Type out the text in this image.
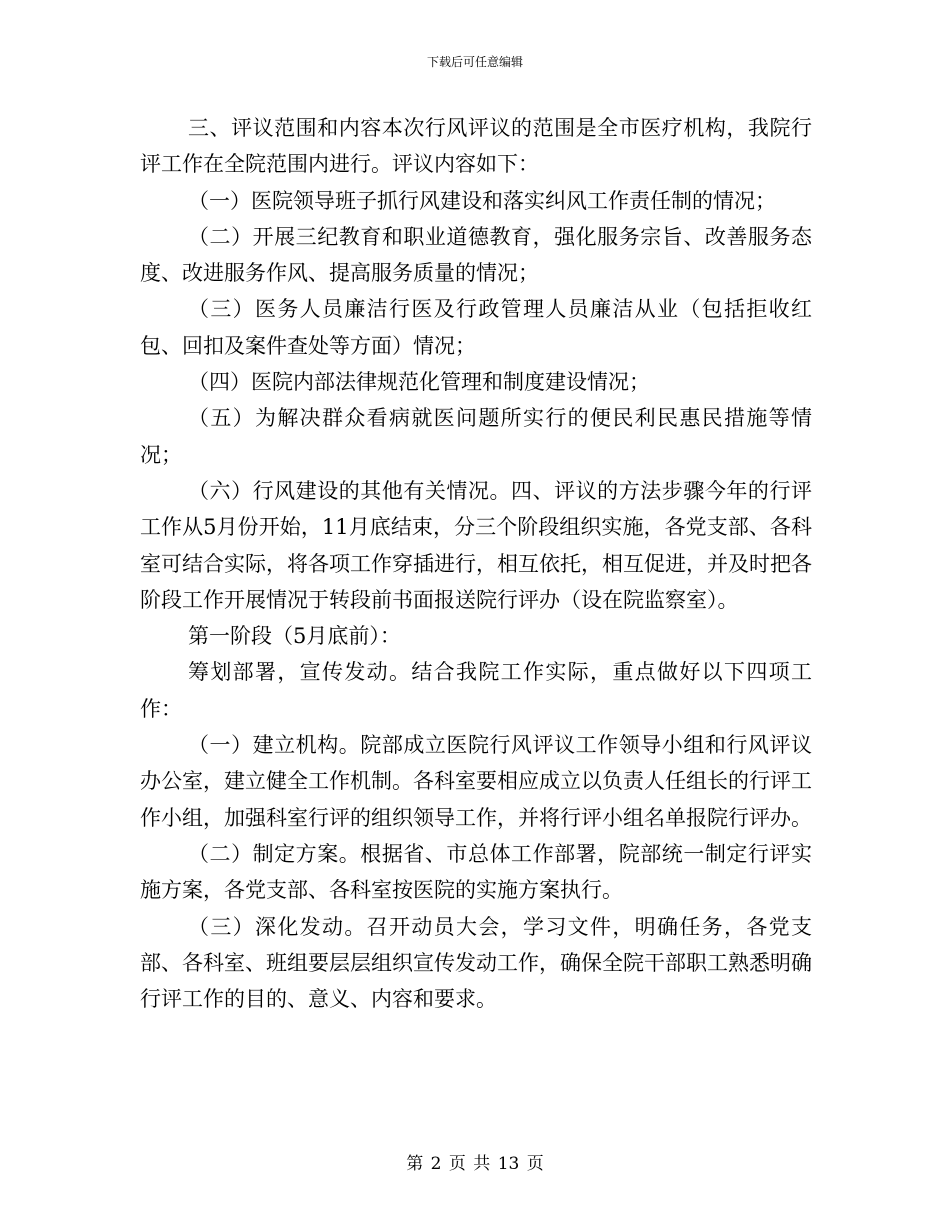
下载后可任意编辑

三、评议范围和内容本次行风评议的范围是全市医疗机构，我院行评工作在全院范围内进行。评议内容如下：

（一）医院领导班子抓行风建设和落实纠风工作责任制的情况；

（二）开展三纪教育和职业道德教育，强化服务宗旨、改善服务态度、改进服务作风、提高服务质量的情况；

（三）医务人员廉洁行医及行政管理人员廉洁从业（包括拒收红包、回扣及案件查处等方面）情况；

（四）医院内部法律规范化管理和制度建设情况；

（五）为解决群众看病就医问题所实行的便民利民惠民措施等情况；

（六）行风建设的其他有关情况。四、评议的方法步骤今年的行评工作从5月份开始，11月底结束，分三个阶段组织实施，各党支部、各科室可结合实际，将各项工作穿插进行，相互依托，相互促进，并及时把各阶段工作开展情况于转段前书面报送院行评办（设在院监察室）。

第一阶段（5月底前）：

筹划部署，宣传发动。结合我院工作实际，重点做好以下四项工作：

（一）建立机构。院部成立医院行风评议工作领导小组和行风评议办公室，建立健全工作机制。各科室要相应成立以负责人任组长的行评工作小组，加强科室行评的组织领导工作，并将行评小组名单报院行评办。

（二）制定方案。根据省、市总体工作部署，院部统一制定行评实施方案，各党支部、各科室按医院的实施方案执行。

（三）深化发动。召开动员大会，学习文件，明确任务，各党支部、各科室、班组要层层组织宣传发动工作，确保全院干部职工熟悉明确行评工作的目的、意义、内容和要求。

第 2 页 共 13 页
